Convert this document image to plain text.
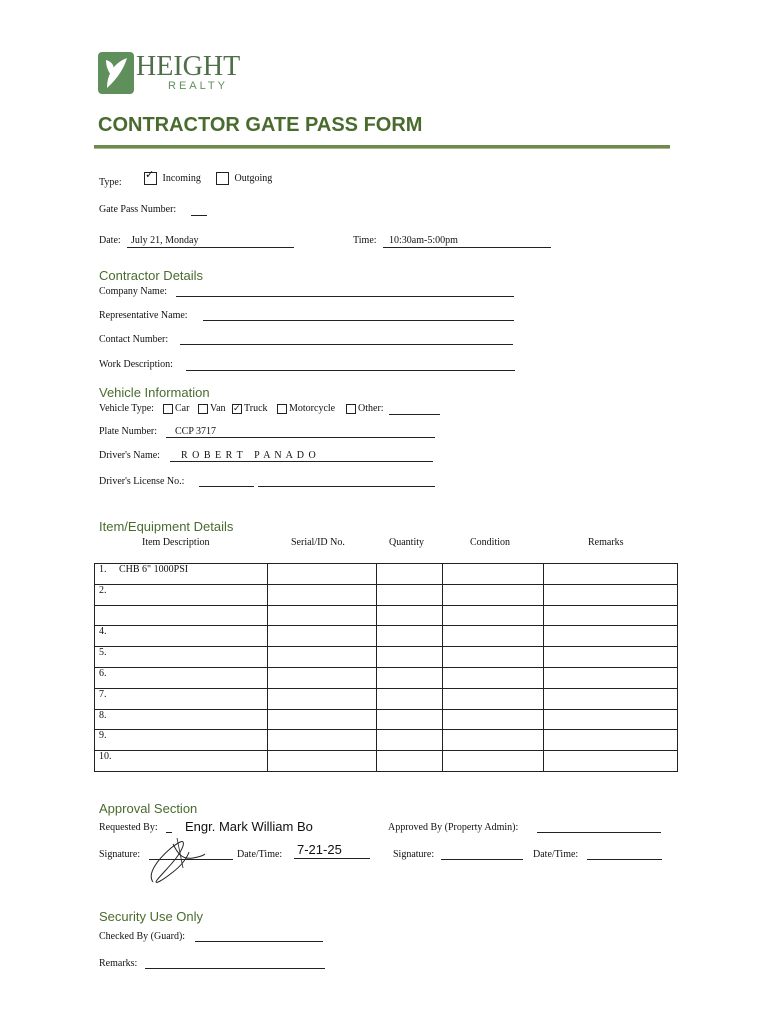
HEIGHT
REALTY
CONTRACTOR GATE PASS FORM
Type:
✓ Incoming	Outgoing
Gate Pass Number:
Date: July 21, Monday	Time: 10:30am-5:00pm
Contractor Details
Company Name:
Representative Name:
Contact Number:
Work Description:
Vehicle Information
Vehicle Type:	Car	Van ✓ Truck	Motorcycle	Other:
Plate Number: CCP 3717
Driver's Name: R O B E R T   P A N A D O
Driver's License No.:
Item/Equipment Details
Item Description	Serial/ID No.	Quantity	Condition	Remarks
1.     CHB 6" 1000PSI				
2.				

4.				
5.				
6.				
7.				
8.				
9.				
10.				
Approval Section
Requested By: Engr. Mark William Bo	Approved By (Property Admin):
Signature:	Date/Time: 7-21-25	Signature:	Date/Time:
Security Use Only
Checked By (Guard):
Remarks:
